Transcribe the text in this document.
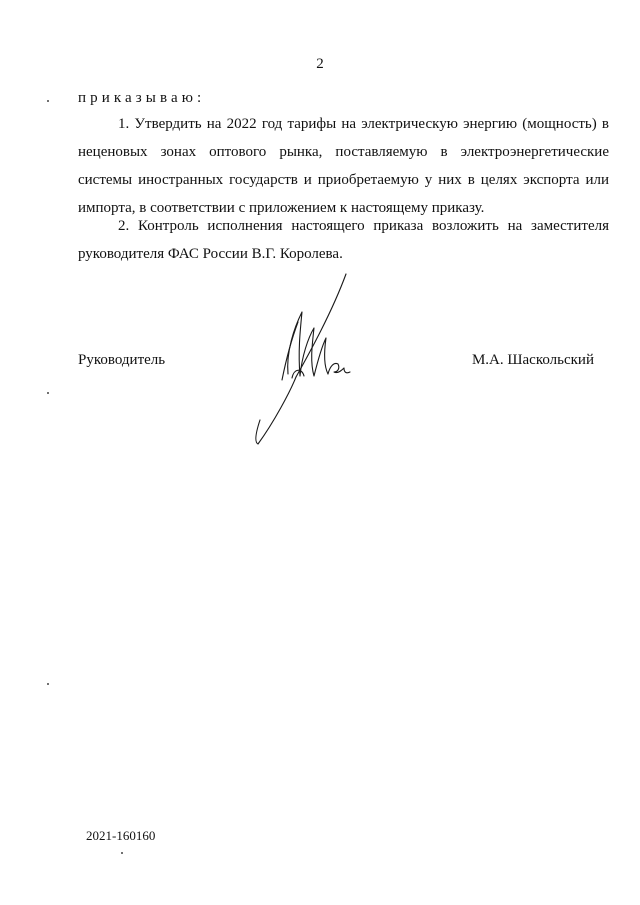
2
приказываю:

1. Утвердить на 2022 год тарифы на электрическую энергию (мощность) в неценовых зонах оптового рынка, поставляемую в электроэнергетические системы иностранных государств и приобретаемую у них в целях экспорта или импорта, в соответствии с приложением к настоящему приказу.

2. Контроль исполнения настоящего приказа возложить на заместителя руководителя ФАС России В.Г. Королева.

Руководитель	М.А. Шаскольский
2021-160160
